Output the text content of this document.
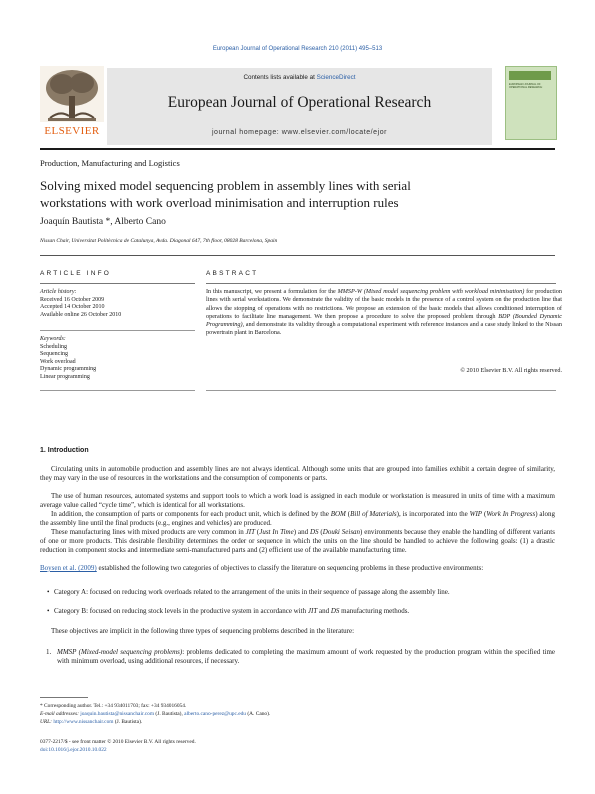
European Journal of Operational Research 210 (2011) 495–513
ELSEVIER
Contents lists available at ScienceDirect
European Journal of Operational Research
journal homepage: www.elsevier.com/locate/ejor
EUROPEAN JOURNAL OF OPERATIONAL RESEARCH
Production, Manufacturing and Logistics
Solving mixed model sequencing problem in assembly lines with serial
workstations with work overload minimisation and interruption rules
Joaquín Bautista *, Alberto Cano
Nissan Chair, Universitat Politècnica de Catalunya, Avda. Diagonal 647, 7th floor, 08028 Barcelona, Spain
ARTICLE INFO	ABSTRACT
Article history:
Received 16 October 2009
Accepted 14 October 2010
Available online 26 October 2010
Keywords:
Scheduling
Sequencing
Work overload
Dynamic programming
Linear programming
In this manuscript, we present a formulation for the MMSP-W (Mixed model sequencing problem with workload minimisation) for production lines with serial workstations. We demonstrate the validity of the basic models in the presence of a control system on the production line that allows the stopping of operations with no restrictions. We propose an extension of the basic models that allows conditioned interruption of operations to facilitate line management. We then propose a procedure to solve the proposed problem through BDP (Bounded Dynamic Programming), and demonstrate its validity through a computational experiment with reference instances and a case study linked to the Nissan powertrain plant in Barcelona.
© 2010 Elsevier B.V. All rights reserved.
1. Introduction
Circulating units in automobile production and assembly lines are not always identical. Although some units that are grouped into families exhibit a certain degree of similarity, they may vary in the use of resources in the workstations and the consumption of components or parts.
The use of human resources, automated systems and support tools to which a work load is assigned in each module or workstation is measured in units of time with a maximum average value called “cycle time”, which is identical for all workstations.
In addition, the consumption of parts or components for each product unit, which is defined by the BOM (Bill of Materials), is incorporated into the WIP (Work In Progress) along the assembly line until the final products (e.g., engines and vehicles) are produced.
These manufacturing lines with mixed products are very common in JIT (Just In Time) and DS (Douki Seisan) environments because they enable the handling of different variants of one or more products. This desirable flexibility determines the order or sequence in which the units on the line should be handled to achieve the following goals: (1) a drastic reduction in component stocks and intermediate semi-manufactured parts and (2) efficient use of the available manufacturing time.
Boysen et al. (2009) established the following two categories of objectives to classify the literature on sequencing problems in these productive environments:
• Category A: focused on reducing work overloads related to the arrangement of the units in their sequence of passage along the assembly line.
• Category B: focused on reducing stock levels in the productive system in accordance with JIT and DS manufacturing methods.
These objectives are implicit in the following three types of sequencing problems described in the literature:
1. MMSP (Mixed-model sequencing problems): problems dedicated to completing the maximum amount of work requested by the production program within the specified time with minimum overload, using additional resources, if necessary.
* Corresponding author. Tel.: +34 934011703; fax: +34 934016054.
E-mail addresses: joaquin.bautista@nissanchair.com (J. Bautista), alberto.cano-perez@upc.edu (A. Cano).
URL: http://www.nissanchair.com (J. Bautista).
0377-2217/$ - see front matter © 2010 Elsevier B.V. All rights reserved.
doi:10.1016/j.ejor.2010.10.022
